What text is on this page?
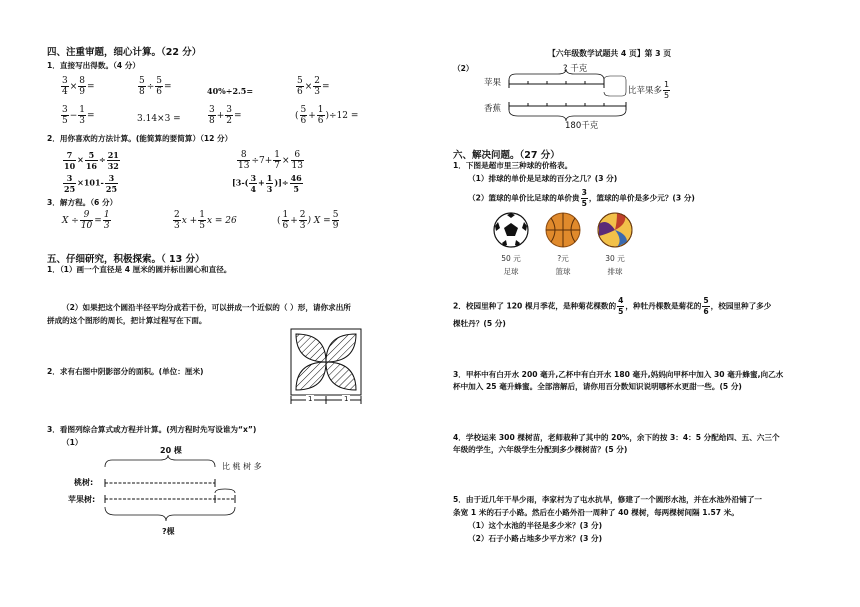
四、注重审题，细心计算。（22 分）
1．直接写出得数。（4 分）
$\frac{3}{4} \times \frac{8}{9}$ =	$\frac{5}{8} \div \frac{5}{6}$ =	40%÷2.5=	$\frac{5}{6} \times \frac{2}{3}$ =
$\frac{3}{5} - \frac{1}{3}$ =	3.14×3 =	$\frac{3}{8} + \frac{3}{2}$ =	( $\frac{5}{6} + \frac{1}{6} )\div 12$ =
2．用你喜欢的方法计算。(能简算的要简算）（12 分）
$\frac{7}{10} \times \frac{5}{16} \div \frac{21}{32}$	$\frac{8}{13} \div 7+ \frac{1}{7} \times \frac{6}{13}$
$\frac{3}{25} \times 101- \frac{3}{25}$	[$3-( \frac{3}{4} + \frac{1}{3}$ )]÷ $\frac{46}{5}$
3．解方程。（6 分）
$X \div \frac{9}{10} = \frac{1}{3}$	$\frac{2}{3}$ $x + \frac{1}{5}$ x = 26	( $\frac{1}{6} + \frac{2}{3}$ ) $X = \frac{5}{9}$
五、仔细研究，积极探索。（ 13 分）
1．（1）画一个直径是 4 厘米的圆并标出圆心和直径。
（2）如果把这个圆沿半径平均分成若干份，可以拼成一个近似的（ ）形，请你求出所
拼成的这个图形的周长，把计算过程写在下面。
2．求有右图中阴影部分的面积。(单位：厘米)
1	1
3．看图列综合算式或方程并计算。(列方程时先写设谁为“x”)
（1）
20 棵
比 桃 树 多
桃树:
苹果树:
?棵
【六年级数学试题共 4 页】第 3 页
（2）	? 千克
苹果
香蕉
比苹果多 $\frac{1}{5}$
180千克
六、解决问题。（27 分）
1．下图是超市里三种球的价格表。
（1）排球的单价是足球的百分之几？(3 分)
（2）篮球的单价比足球的单价贵 $\frac{3}{5}$ ，篮球的单价是多少元？(3 分)
50 元
足球
?元
篮球
30 元
排球
2．校园里种了 120 棵月季花，是种菊花棵数的 $\frac{4}{5}$ ，种牡丹棵数是菊花的 $\frac{5}{6}$ ，校园里种了多少
棵牡丹？(5 分)
3．甲杯中有白开水 200 毫升,乙杯中有白开水 180 毫升,妈妈向甲杯中加入 30 毫升蜂蜜,向乙水
杯中加入 25 毫升蜂蜜。全部溶解后，请你用百分数知识说明哪杯水更甜一些。(5 分)
4．学校运来 300 棵树苗，老师栽种了其中的 20%，余下的按 3：4：5 分配给四、五、六三个
年级的学生，六年级学生分配到多少棵树苗？(5 分)
5．由于近几年干旱少雨，李家村为了屯水抗旱，修建了一个圆形水池，并在水池外沿铺了一
条宽 1 米的石子小路。然后在小路外沿一周种了 40 棵树，每两棵树间隔 1.57 米。
（1）这个水池的半径是多少米？(3 分)
（2）石子小路占地多少平方米？(3 分)
